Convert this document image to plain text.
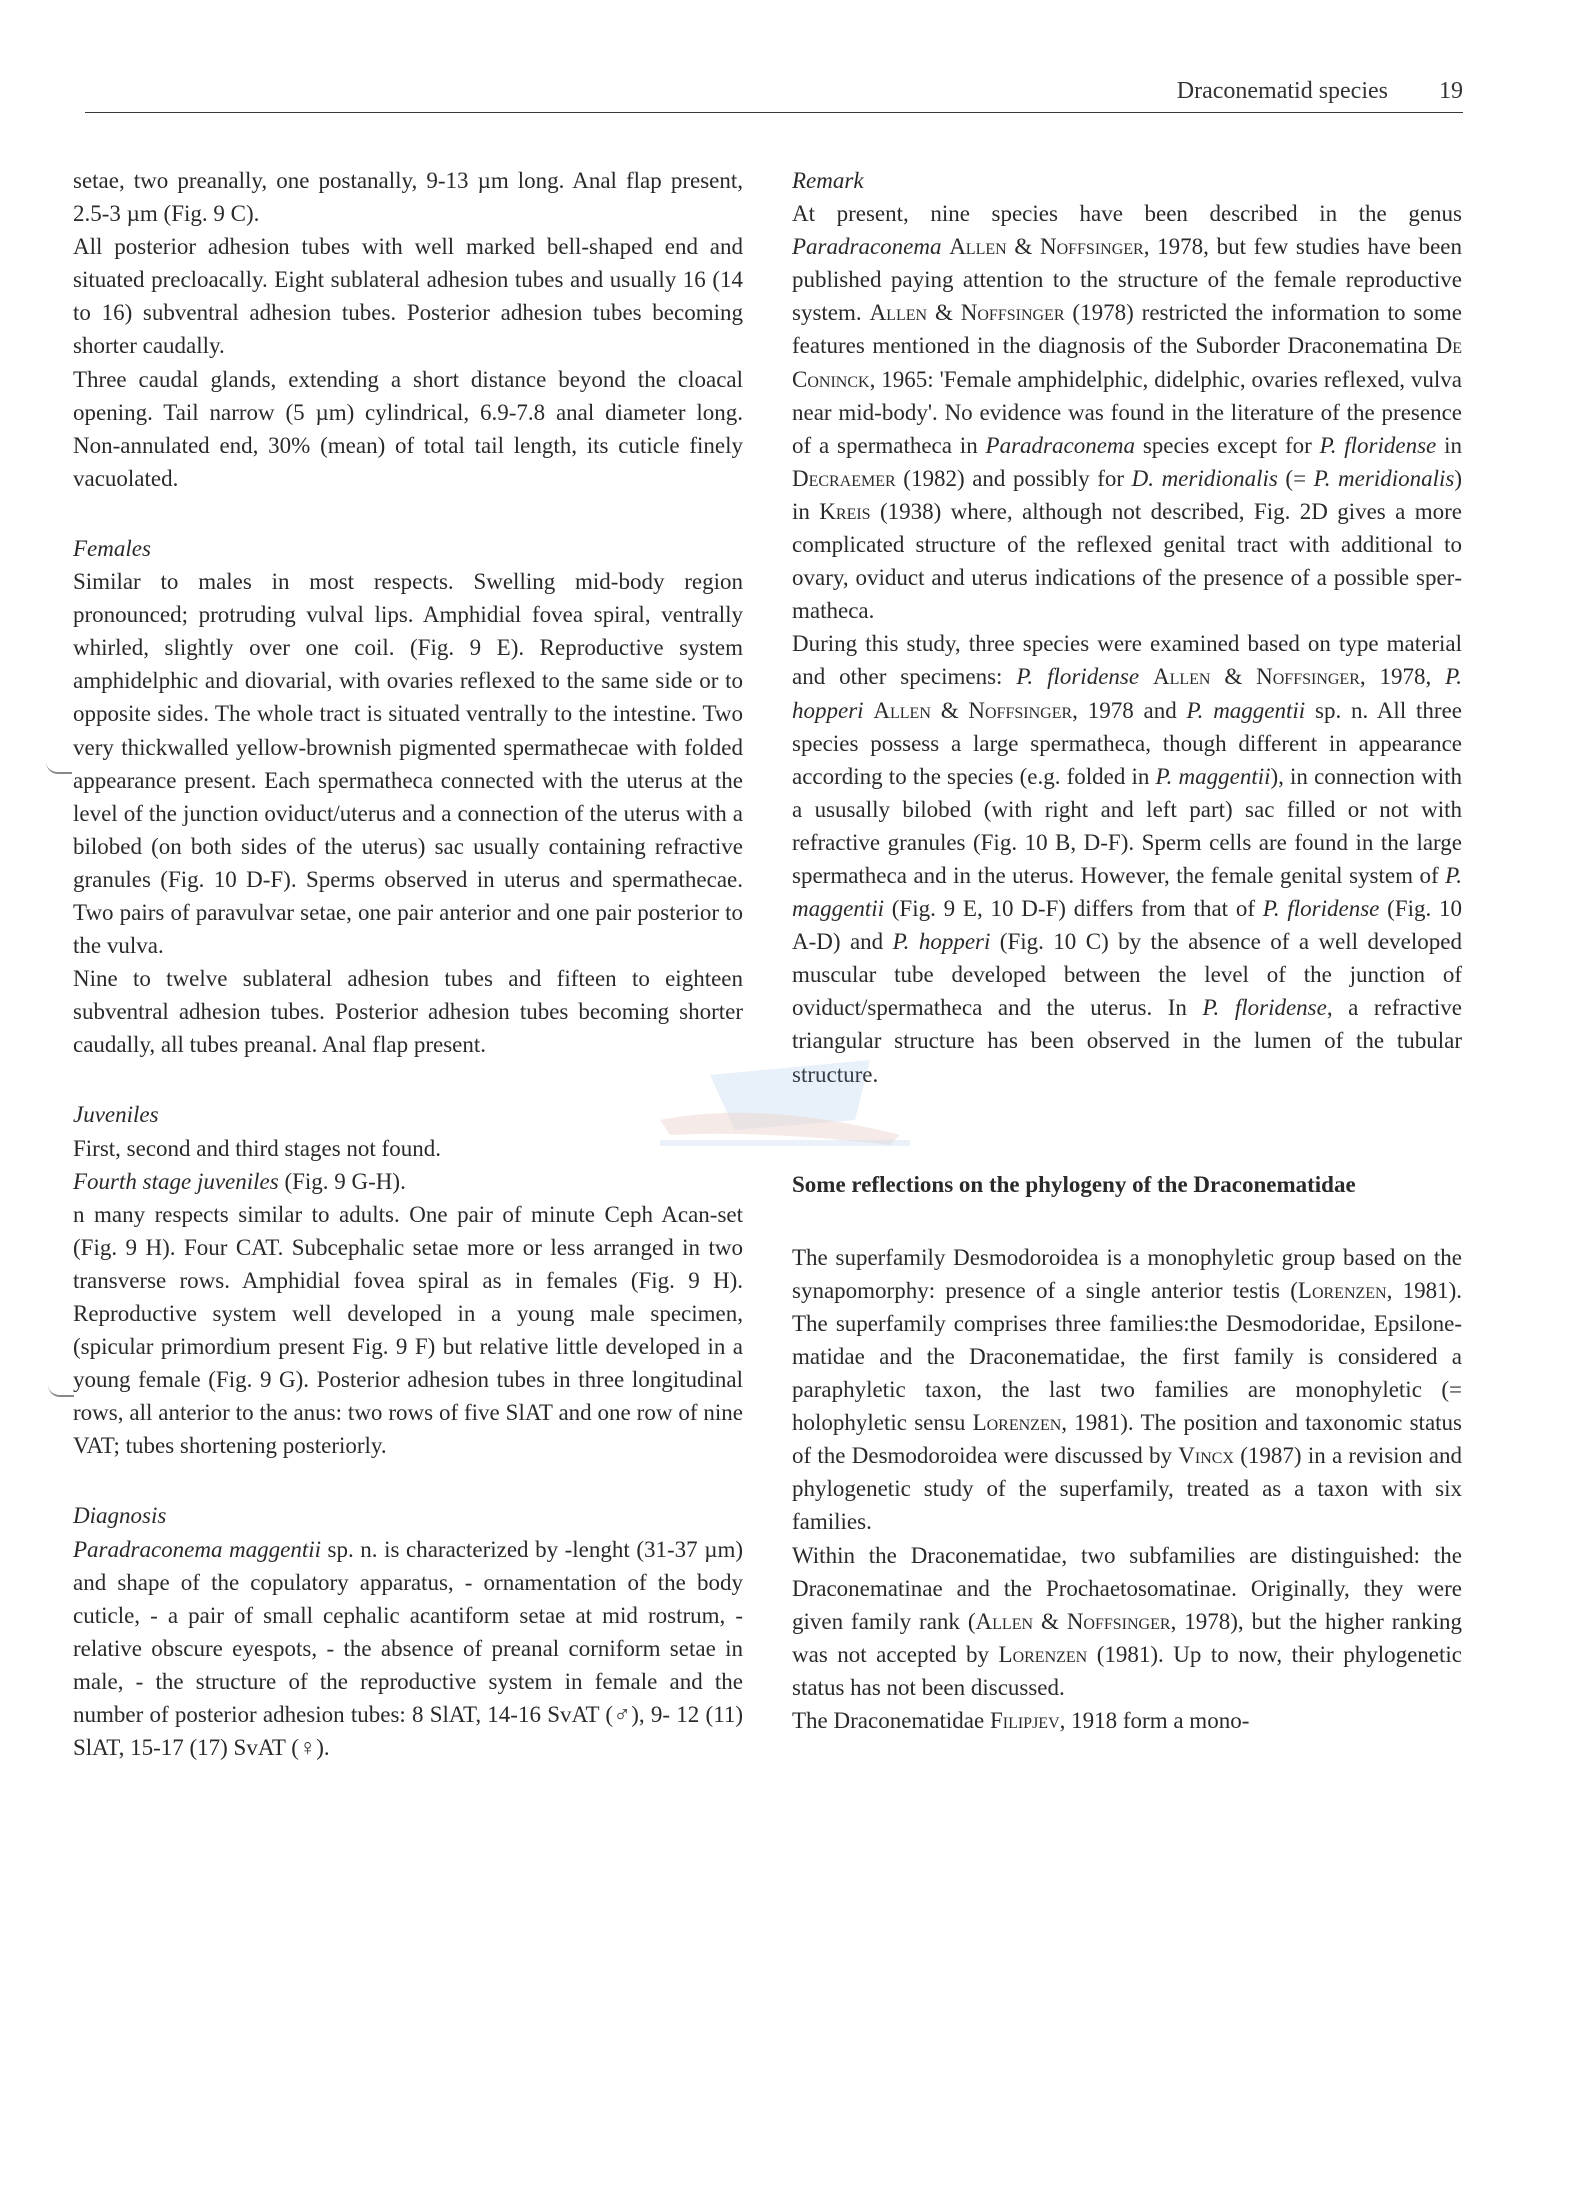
Draconematid species 19

setae, two preanally, one postanally, 9-13 µm long. Anal flap present, 2.5-3 µm (Fig. 9 C).

All posterior adhesion tubes with well marked bell-shaped end and situated precloacally. Eight sublateral adhesion tubes and usually 16 (14 to 16) subventral adhesion tubes. Posterior adhesion tubes becoming shorter caudally.

Three caudal glands, extending a short distance beyond the cloacal opening. Tail narrow (5 µm) cylindrical, 6.9-7.8 anal diameter long. Non-annulated end, 30% (mean) of total tail length, its cuticle finely vacuolated.

Females

Similar to males in most respects. Swelling mid-body region pronounced; protruding vulval lips. Amphidial fovea spiral, ventrally whirled, slightly over one coil. (Fig. 9 E). Reproductive system amphidelphic and diovarial, with ovaries reflexed to the same side or to opposite sides. The whole tract is situated ventrally to the intestine. Two very thickwalled yellow-brownish pigmented spermathecae with folded appearance present. Each spermatheca connected with the uterus at the level of the junction oviduct/uterus and a connection of the uterus with a bilobed (on both sides of the uterus) sac usually containing refractive granules (Fig. 10 D-F). Sperms observed in uterus and spermathecae. Two pairs of paravulvar setae, one pair anterior and one pair posterior to the vulva.

Nine to twelve sublateral adhesion tubes and fifteen to eighteen subventral adhesion tubes. Posterior adhesion tubes becoming shorter caudally, all tubes preanal. Anal flap present.

Juveniles

First, second and third stages not found.

Fourth stage juveniles (Fig. 9 G-H).

n many respects similar to adults. One pair of minute Ceph Acan-set (Fig. 9 H). Four CAT. Subcephalic setae more or less arranged in two transverse rows. Amphidial fovea spiral as in females (Fig. 9 H). Reproductive system well developed in a young male specimen, (spicular primordium present Fig. 9 F) but relative little developed in a young female (Fig. 9 G). Posterior adhesion tubes in three longitudinal rows, all anterior to the anus: two rows of five SlAT and one row of nine VAT; tubes shortening posteriorly.

Diagnosis

Paradraconema maggentii sp. n. is characterized by -lenght (31-37 µm) and shape of the copulatory apparatus, - ornamentation of the body cuticle, - a pair of small cephalic acantiform setae at mid rostrum, - relative obscure eyespots, - the absence of preanal corniform setae in male, - the structure of the reproductive system in female and the number of posterior adhesion tubes: 8 SlAT, 14-16 SvAT (♂), 9- 12 (11) SlAT, 15-17 (17) SvAT (♀).

Remark

At present, nine species have been described in the genus Paradraconema Allen & Noffsinger, 1978, but few studies have been published paying attention to the structure of the female reproductive system. Allen & Noffsinger (1978) restricted the information to some features mentioned in the diagnosis of the Suborder Draconematina De Coninck, 1965: 'Female amphidelphic, didelphic, ovaries reflexed, vulva near mid-body'. No evidence was found in the literature of the presence of a spermatheca in Paradraconema species except for P. floridense in Decraemer (1982) and possibly for D. meridionalis (= P. meridionalis) in Kreis (1938) where, although not described, Fig. 2D gives a more complicated structure of the reflexed genital tract with additional to ovary, oviduct and uterus indications of the presence of a possible spermatheca.

During this study, three species were examined based on type material and other specimens: P. floridense Allen & Noffsinger, 1978, P. hopperi Allen & Noffsinger, 1978 and P. maggentii sp. n. All three species possess a large spermatheca, though different in appearance according to the species (e.g. folded in P. maggentii), in connection with a ususally bilobed (with right and left part) sac filled or not with refractive granules (Fig. 10 B, D-F). Sperm cells are found in the large spermatheca and in the uterus. However, the female genital system of P. maggentii (Fig. 9 E, 10 D-F) differs from that of P. floridense (Fig. 10 A-D) and P. hopperi (Fig. 10 C) by the absence of a well developed muscular tube developed between the level of the junction of oviduct/spermatheca and the uterus. In P. floridense, a refractive triangular structure has been observed in the lumen of the tubular structure.

Some reflections on the phylogeny of the Draconematidae

The superfamily Desmodoroidea is a monophyletic group based on the synapomorphy: presence of a single anterior testis (Lorenzen, 1981). The superfamily comprises three families:the Desmodoridae, Epsilonematidae and the Draconematidae, the first family is considered a paraphyletic taxon, the last two families are monophyletic (= holophyletic sensu Lorenzen, 1981). The position and taxonomic status of the Desmodoroidea were discussed by Vincx (1987) in a revision and phylogenetic study of the superfamily, treated as a taxon with six families.

Within the Draconematidae, two subfamilies are distinguished: the Draconematinae and the Prochaetosomatinae. Originally, they were given family rank (Allen & Noffsinger, 1978), but the higher ranking was not accepted by Lorenzen (1981). Up to now, their phylogenetic status has not been discussed.

The Draconematidae Filipjev, 1918 form a mono-
